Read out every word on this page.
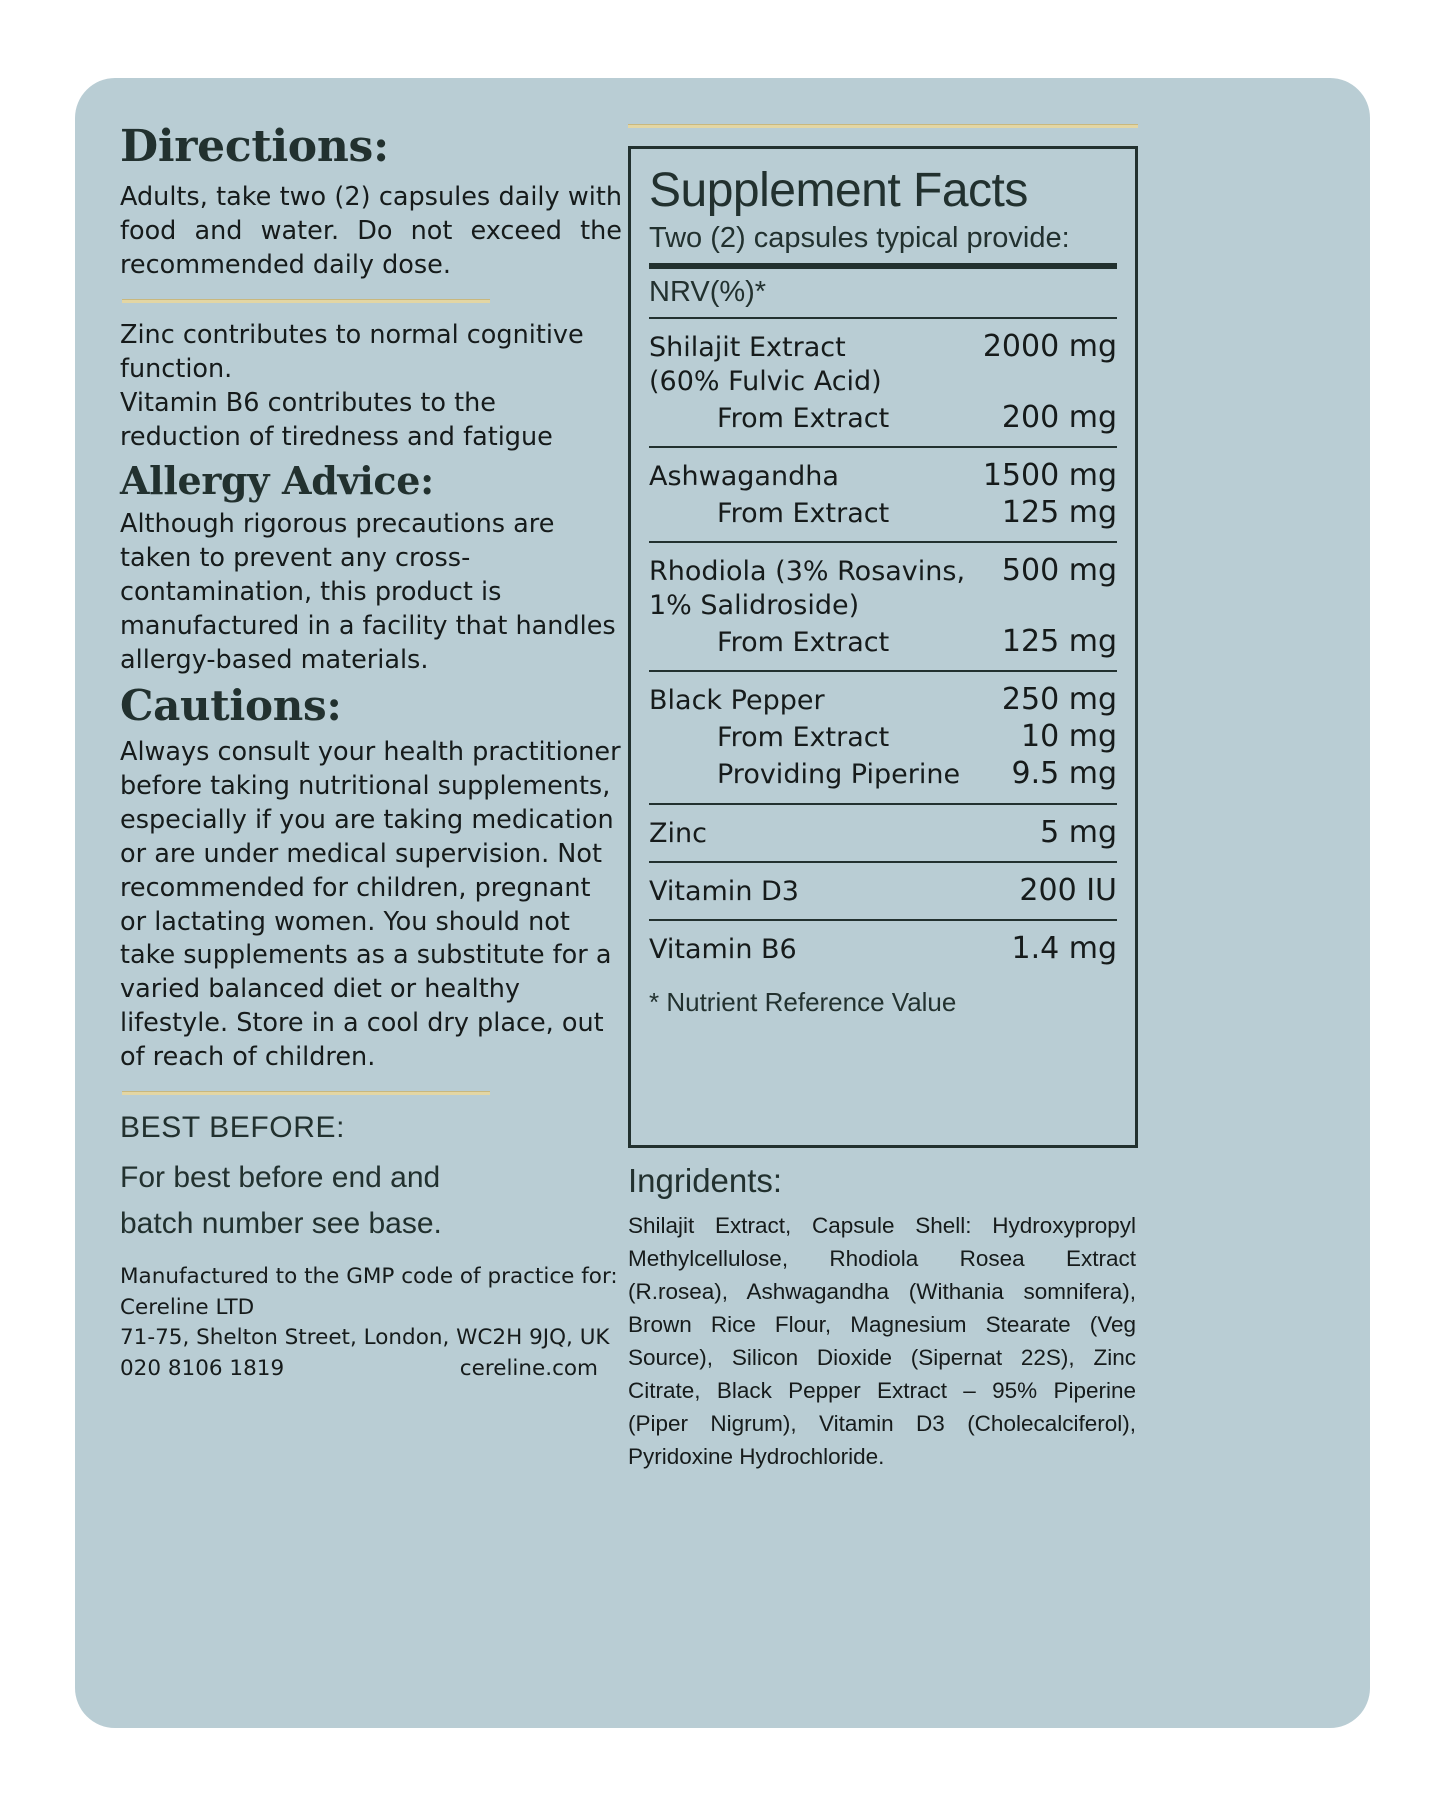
Directions:
Adults, take two (2) capsules daily with food and water. Do not exceed the recommended daily dose.
Zinc contributes to normal cognitive function.
Vitamin B6 contributes to the reduction of tiredness and fatigue
Allergy Advice:
Although rigorous precautions are taken to prevent any cross-contamination, this product is manufactured in a facility that handles allergy-based materials.
Cautions:
Always consult your health practitioner before taking nutritional supplements, especially if you are taking medication or are under medical supervision. Not recommended for children, pregnant or lactating women. You should not take supplements as a substitute for a varied balanced diet or healthy lifestyle. Store in a cool dry place, out of reach of children.
BEST BEFORE:
For best before end and
batch number see base.
Manufactured to the GMP code of practice for:
Cereline LTD
71-75, Shelton Street, London, WC2H 9JQ, UK
020 8106 1819	cereline.com
Supplement Facts
Two (2) capsules typical provide:
NRV(%)*
Shilajit Extract	2000 mg
(60% Fulvic Acid)
From Extract	200 mg
Ashwagandha	1500 mg
From Extract	125 mg
Rhodiola (3% Rosavins,	500 mg
1% Salidroside)
From Extract	125 mg
Black Pepper	250 mg
From Extract	10 mg
Providing Piperine	9.5 mg
Zinc	5 mg
Vitamin D3	200 IU
Vitamin B6	1.4 mg
* Nutrient Reference Value
Ingridents:
Shilajit Extract, Capsule Shell: Hydroxypropyl Methylcellulose, Rhodiola Rosea Extract (R.rosea), Ashwagandha (Withania somnifera), Brown Rice Flour, Magnesium Stearate (Veg Source), Silicon Dioxide (Sipernat 22S), Zinc Citrate, Black Pepper Extract – 95% Piperine (Piper Nigrum), Vitamin D3 (Cholecalciferol), Pyridoxine Hydrochloride.
